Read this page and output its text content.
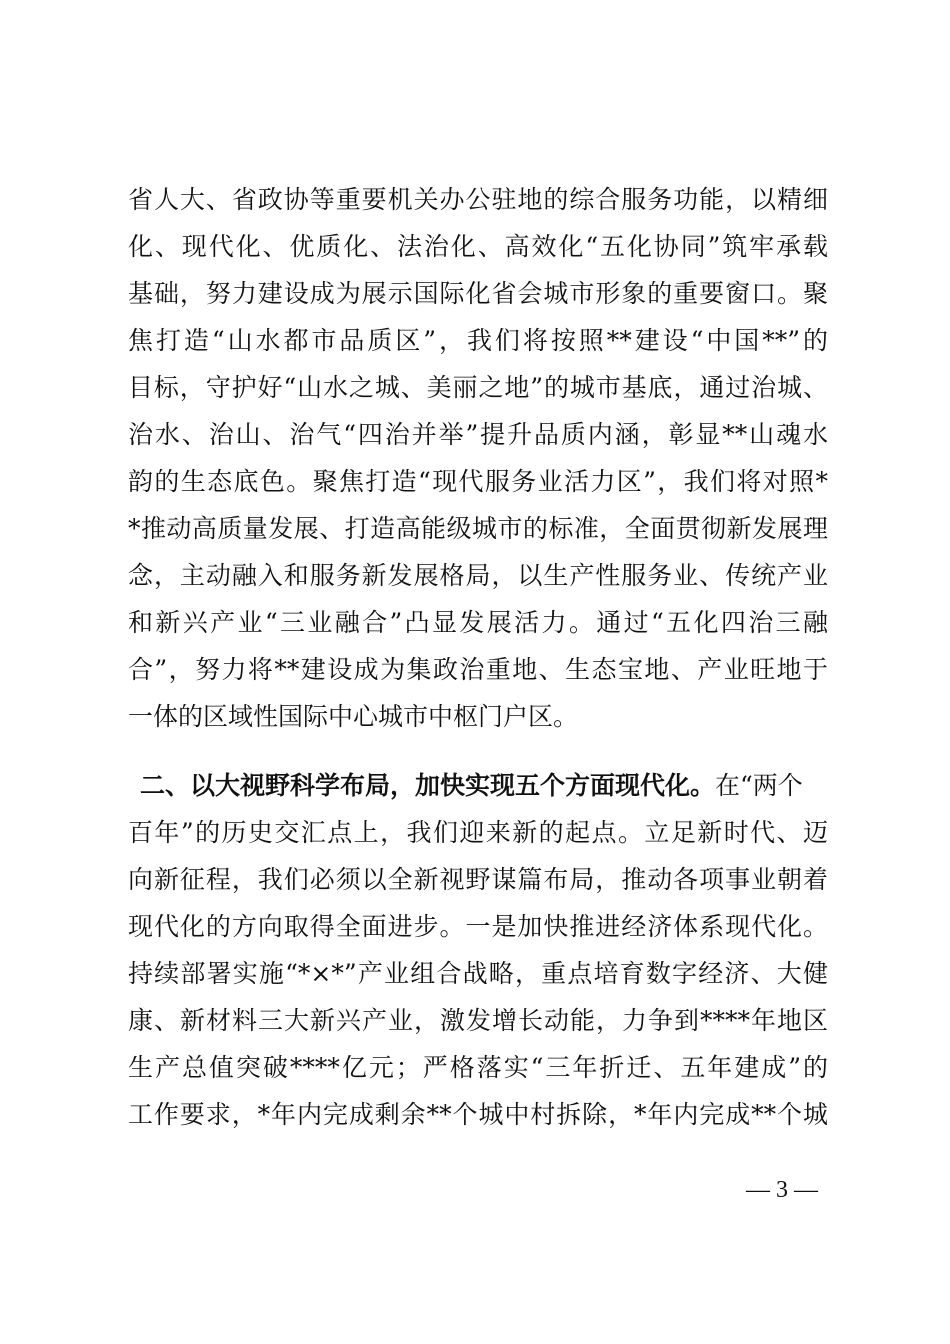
省人大、省政协等重要机关办公驻地的综合服务功能，以精细
化、现代化、优质化、法治化、高效化“五化协同”筑牢承载
基础，努力建设成为展示国际化省会城市形象的重要窗口。聚
焦打造“山水都市品质区”，我们将按照**建设“中国**”的
目标，守护好“山水之城、美丽之地”的城市基底，通过治城、
治水、治山、治气“四治并举”提升品质内涵，彰显**山魂水
韵的生态底色。聚焦打造“现代服务业活力区”，我们将对照*
*推动高质量发展、打造高能级城市的标准，全面贯彻新发展理
念，主动融入和服务新发展格局，以生产性服务业、传统产业
和新兴产业“三业融合”凸显发展活力。通过“五化四治三融
合”，努力将**建设成为集政治重地、生态宝地、产业旺地于
一体的区域性国际中心城市中枢门户区。
二、以大视野科学布局，加快实现五个方面现代化。在“两个
百年”的历史交汇点上，我们迎来新的起点。立足新时代、迈
向新征程，我们必须以全新视野谋篇布局，推动各项事业朝着
现代化的方向取得全面进步。一是加快推进经济体系现代化。
持续部署实施“*×*”产业组合战略，重点培育数字经济、大健
康、新材料三大新兴产业，激发增长动能，力争到****年地区
生产总值突破****亿元；严格落实“三年折迁、五年建成”的
工作要求，*年内完成剩余**个城中村拆除，*年内完成**个城
— 3 —
